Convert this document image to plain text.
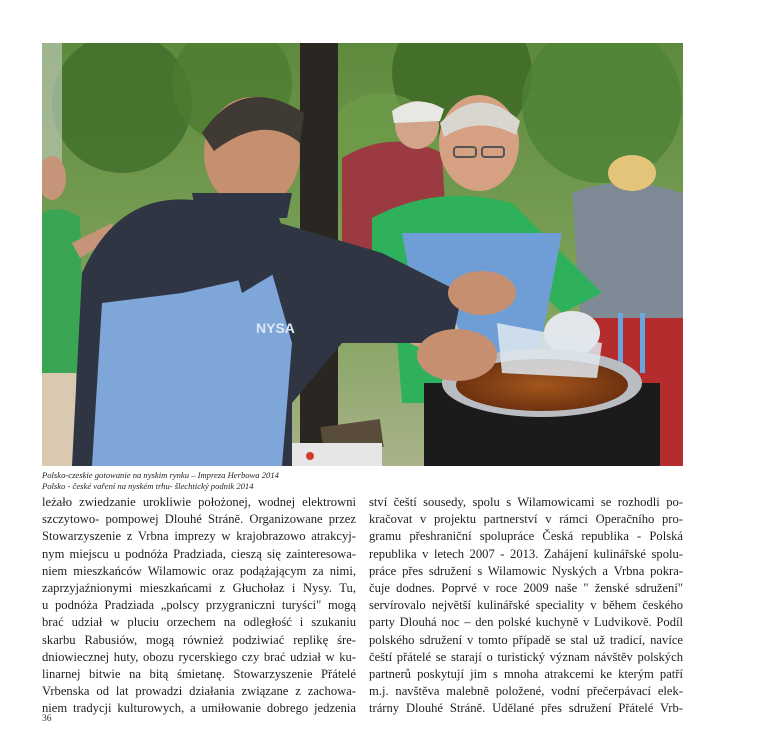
NYSA
Polsko-czeskie gotowanie na nyskim rynku – Impreza Herbowa 2014
Polsko - české vaření na nyském trhu- šlechtický podnik 2014
leżało zwiedzanie urokliwie położonej, wodnej elektrowni
szczytowo- pompowej Dlouhé Stráně. Organizowane przez
Stowarzyszenie z Vrbna imprezy w krajobrazowo atrakcyj-
nym miejscu u podnóża Pradziada, cieszą się zainteresowa-
niem mieszkańców Wilamowic oraz podążającym za nimi,
zaprzyjaźnionymi mieszkańcami z Głuchołaz i Nysy. Tu,
u podnóża Pradziada „polscy przygraniczni turyści" mogą
brać udział w pluciu orzechem na odległość i szukaniu
skarbu Rabusiów, mogą również podziwiać replikę śre-
dniowiecznej huty, obozu rycerskiego czy brać udział w ku-
linarnej bitwie na bitą śmietanę. Stowarzyszenie Přátelé
Vrbenska od lat prowadzi działania związane z zachowa-
niem tradycji kulturowych, a umiłowanie dobrego jedzenia
ství čeští sousedy, spolu s Wilamowicami se rozhodli po-
kračovat v projektu partnerství v rámci Operačního pro-
gramu přeshraniční spolupráce Česká republika - Polská
republika v letech 2007 - 2013. Zahájení kulinářské spolu-
práce přes sdružení s Wilamowic Nyských a Vrbna pokra-
čuje dodnes. Poprvé v roce 2009 naše " ženské sdružení"
servírovalo největší kulinářské speciality v během českého
party Dlouhá noc – den polské kuchyně v Ludvikově. Podíl
polského sdružení v tomto případě se stal už tradicí, navíce
čeští přátelé se starají o turistický význam návštěv polských
partnerů poskytují jim s mnoha atrakcemi ke kterým patří
m.j. navštěva malebně položené, vodní přečerpávací elek-
trárny Dlouhé Stráně. Udělané přes sdružení Přátelé Vrb-
36
